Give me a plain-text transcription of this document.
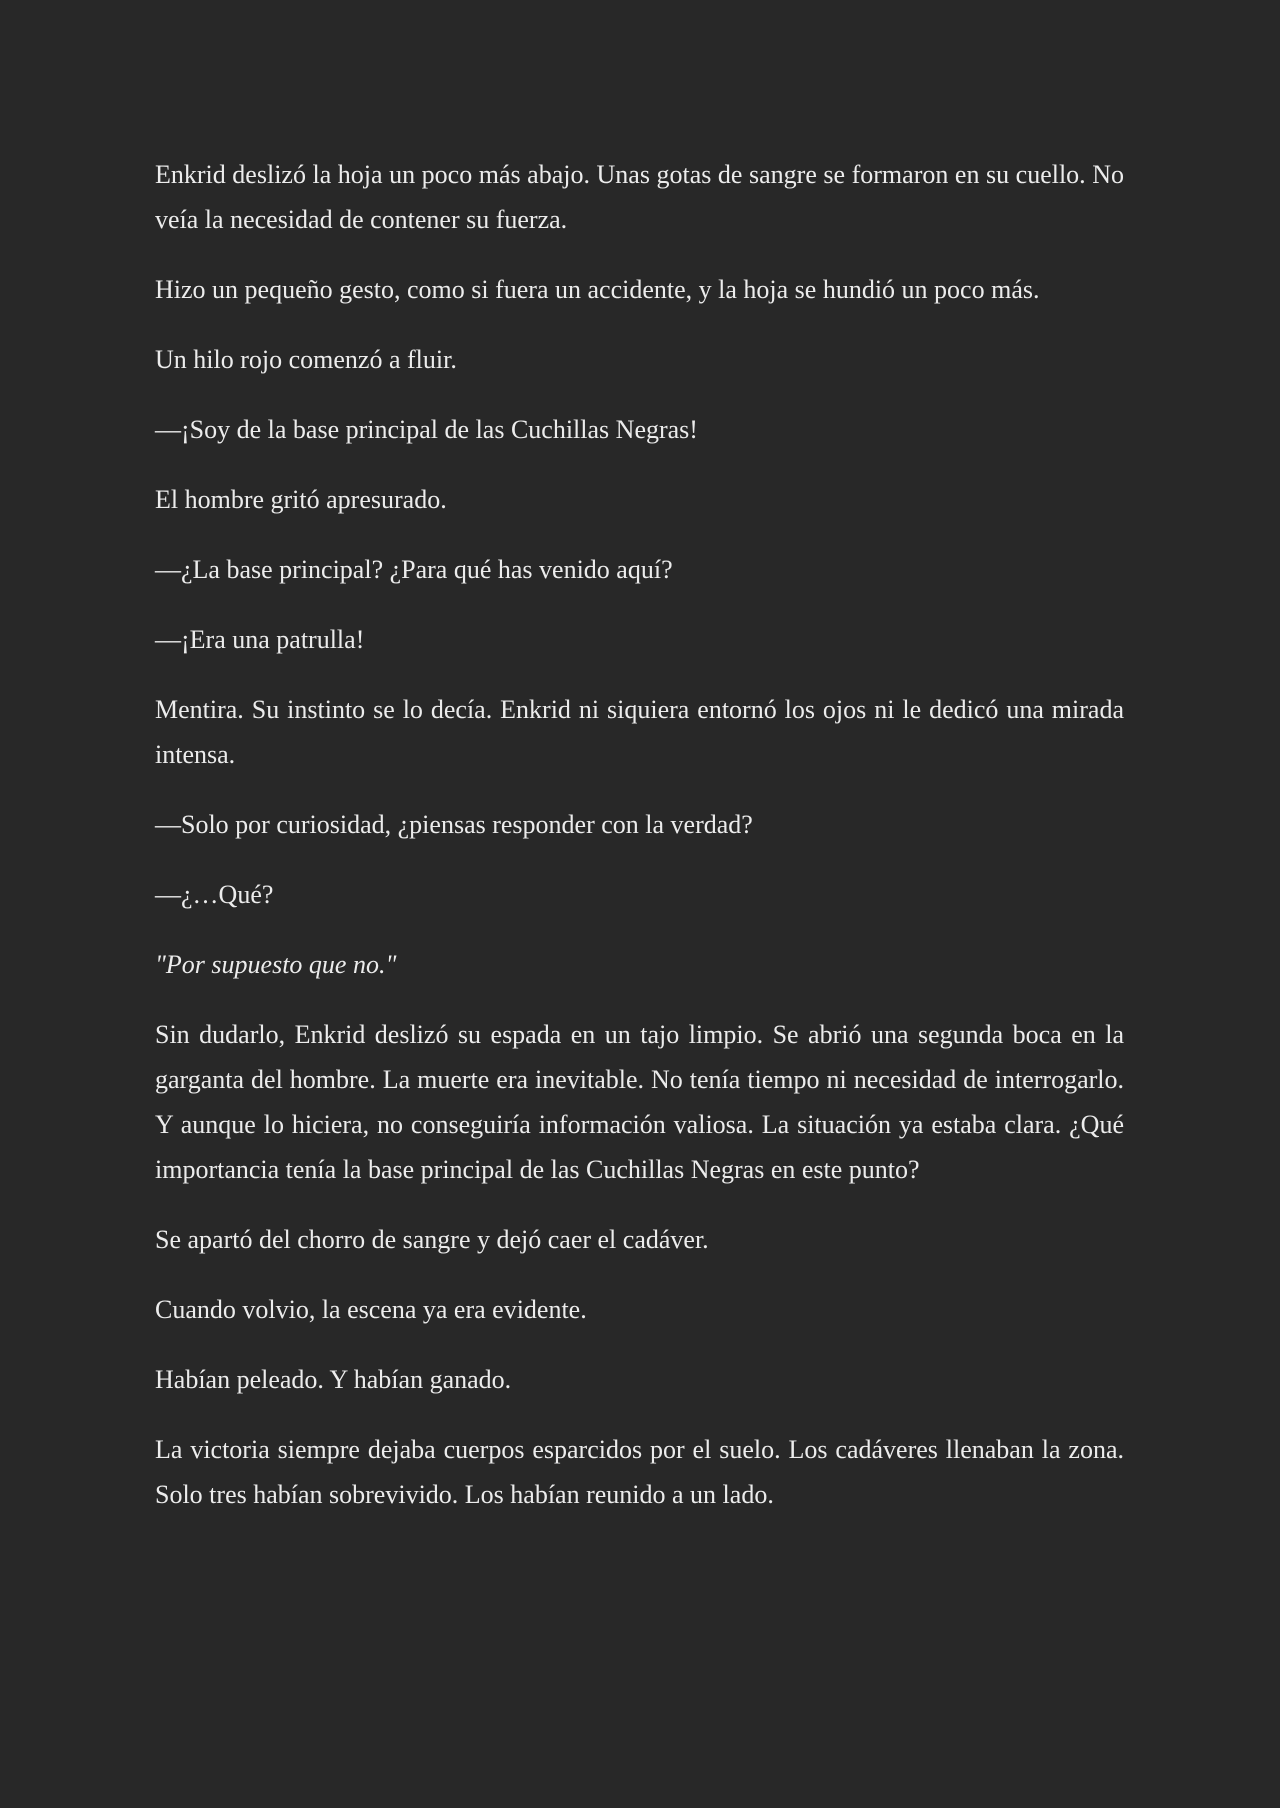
Enkrid deslizó la hoja un poco más abajo. Unas gotas de sangre se formaron en su cuello. No veía la necesidad de contener su fuerza.

Hizo un pequeño gesto, como si fuera un accidente, y la hoja se hundió un poco más.

Un hilo rojo comenzó a fluir.

—¡Soy de la base principal de las Cuchillas Negras!

El hombre gritó apresurado.

—¿La base principal? ¿Para qué has venido aquí?

—¡Era una patrulla!

Mentira. Su instinto se lo decía. Enkrid ni siquiera entornó los ojos ni le dedicó una mirada intensa.

—Solo por curiosidad, ¿piensas responder con la verdad?

—¿…Qué?

"Por supuesto que no."

Sin dudarlo, Enkrid deslizó su espada en un tajo limpio. Se abrió una segunda boca en la garganta del hombre. La muerte era inevitable. No tenía tiempo ni necesidad de interrogarlo. Y aunque lo hiciera, no conseguiría información valiosa. La situación ya estaba clara. ¿Qué importancia tenía la base principal de las Cuchillas Negras en este punto?

Se apartó del chorro de sangre y dejó caer el cadáver.

Cuando volvio, la escena ya era evidente.

Habían peleado. Y habían ganado.

La victoria siempre dejaba cuerpos esparcidos por el suelo. Los cadáveres llenaban la zona. Solo tres habían sobrevivido. Los habían reunido a un lado.
